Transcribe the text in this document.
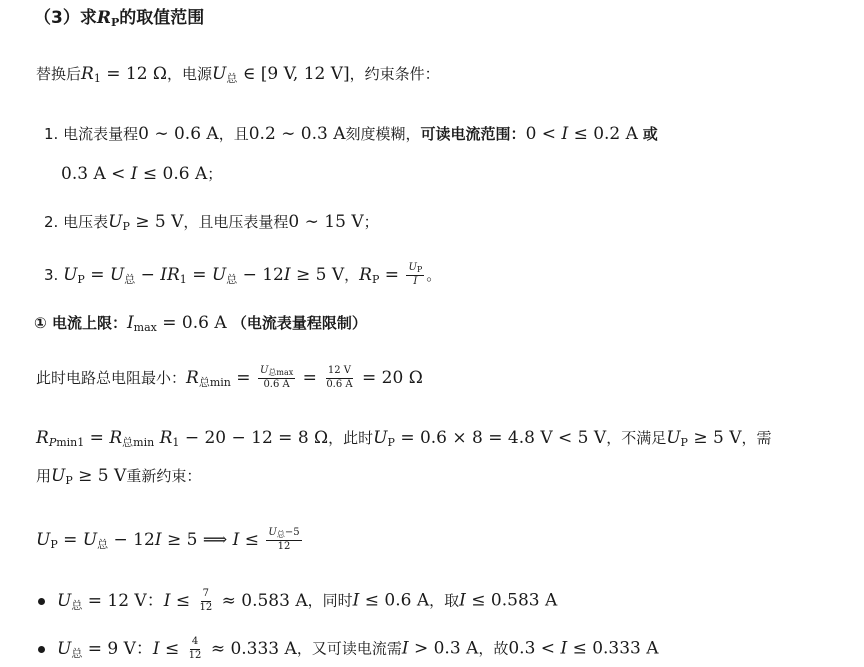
（3）求$R_P$的取值范围
替换后$R_1 = 12$ Ω，电源$U_总$ ∈ [9 V, 12 V]，约束条件：
1. 电流表量程0 ∼ 0.6 A，且0.2 ∼ 0.3 A刻度模糊，可读电流范围：0 < I ≤ 0.2 A 或
0.3 A < I ≤ 0.6 A；
2. 电压表$U_P \ge 5$ V，且电压表量程0 ∼ 15 V；
3. $U_P = U_总 - IR_1 = U_总 - 12I \ge 5$ V，$R_P = \frac{U_P}{I}$ 。
① 电流上限：$I_{max} = 0.6$ A （电流表量程限制）
此时电路总电阻最小：$R_{总min} = U_{总max}$
0.6 $A = \frac{12 V}{0.6 A} = 20$ Ω
$R_{Pmin1} = R_{总min}$ $R_1 - 20 - 12 = 8$ Ω，此时$U_P = 0.6 \times 8 = 4.8$ V < 5 V，不满足$U_P \ge 5$ V，需
用$U_P \ge 5$ V重新约束：
$U_P = U_总 - 12I \ge 5$ ⟹ $I \le U_总-5$
12
$U_总 = 12$ V：$I \le \frac{7}{12} \approx 0.583$ A，同时I ≤ 0.6 A，取I ≤ 0.583 A
$U_总 = 9$ V：$I \le \frac{4}{12} \approx 0.333$ A，又可读电流需I > 0.3 A，故0.3 < I ≤ 0.333 A
